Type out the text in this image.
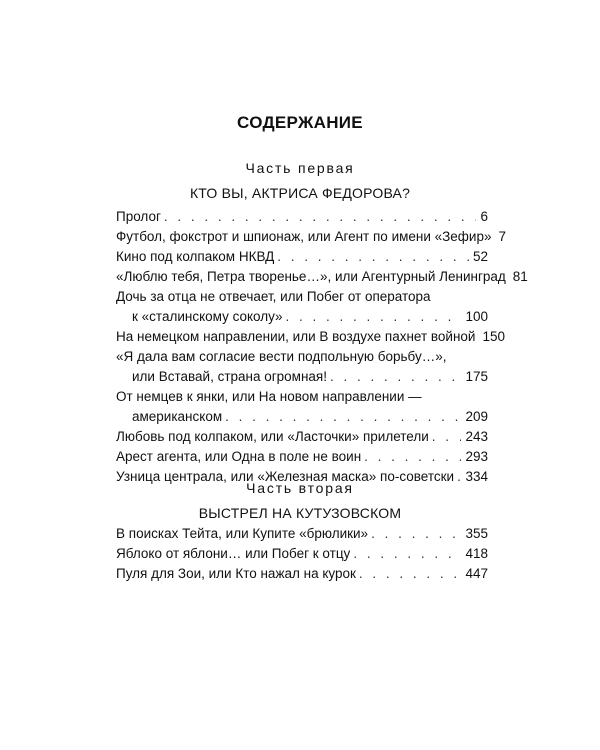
СОДЕРЖАНИЕ
Часть первая
КТО ВЫ, АКТРИСА ФЕДОРОВА?
Пролог . . .	6
Футбол, фокстрот и шпионаж, или Агент по имени «Зефир» 7
Кино под колпаком НКВД . . .	52
«Люблю тебя, Петра творенье…», или Агентурный Ленинград 81
Дочь за отца не отвечает, или Побег от оператора
к «сталинскому соколу» . . .	100
На немецком направлении, или В воздухе пахнет войной 150
«Я дала вам согласие вести подпольную борьбу…»,
или Вставай, страна огромная! . . .	175
От немцев к янки, или На новом направлении —
американском . . .	209
Любовь под колпаком, или «Ласточки» прилетели . . .	243
Арест агента, или Одна в поле не воин . . .	293
Узница централа, или «Железная маска» по-советски . . . 334
Часть вторая
ВЫСТРЕЛ НА КУТУЗОВСКОМ
В поисках Тейта, или Купите «брюлики» . . .	355
Яблоко от яблони… или Побег к отцу . . .	418
Пуля для Зои, или Кто нажал на курок . . .	447
